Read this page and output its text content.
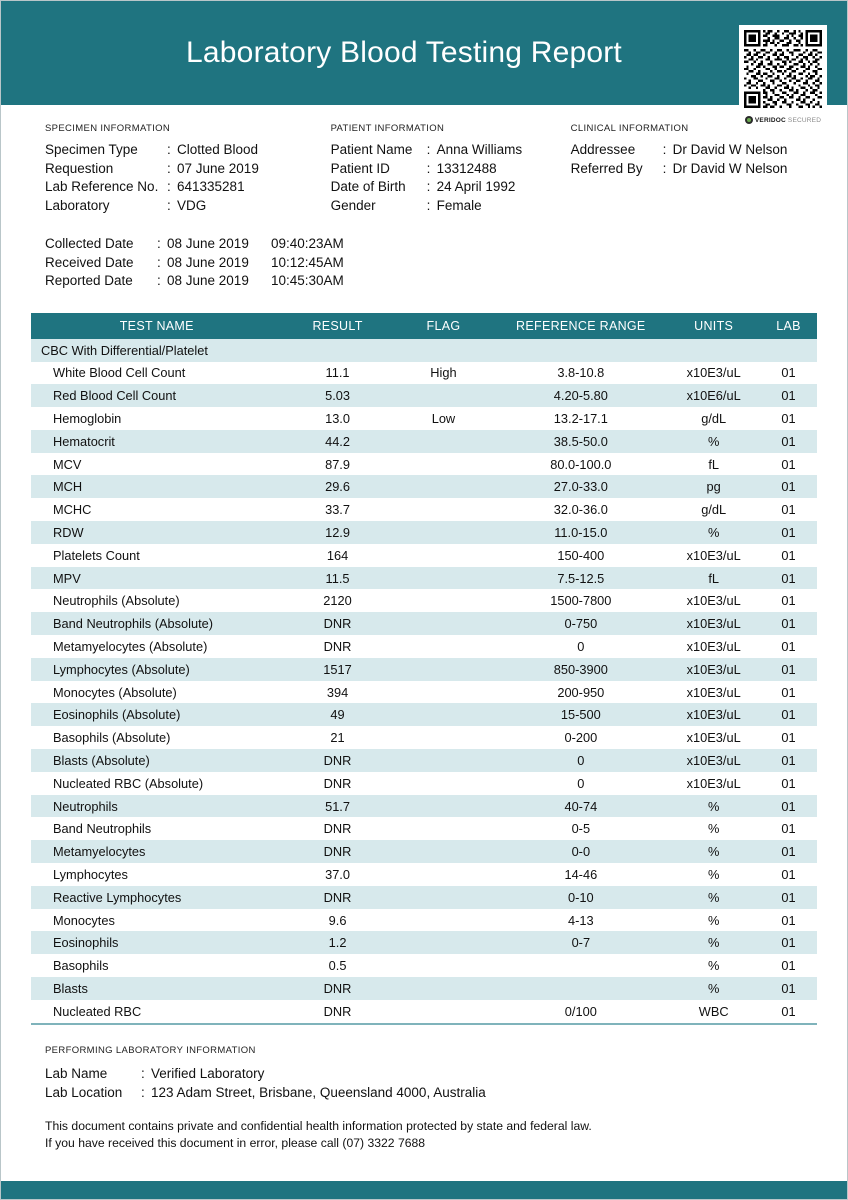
Laboratory Blood Testing Report
VERIDOC SECURED
SPECIMEN INFORMATION
Specimen Type	: Clotted Blood
Requestion	: 07 June 2019
Lab Reference No. : 641335281
Laboratory	: VDG
PATIENT INFORMATION
Patient Name	: Anna Williams
Patient ID	: 13312488
Date of Birth	: 24 April 1992
Gender	: Female
CLINICAL INFORMATION
Addressee	: Dr David W Nelson
Referred By	: Dr David W Nelson
Collected Date	: 08 June 2019 09:40:23AM
Received Date	: 08 June 2019 10:12:45AM
Reported Date	: 08 June 2019 10:45:30AM
TEST NAME	RESULT	FLAG	REFERENCE RANGE	UNITS	LAB
CBC With Differential/Platelet					
White Blood Cell Count	11.1	High	3.8-10.8	x10E3/uL	01
Red Blood Cell Count	5.03		4.20-5.80	x10E6/uL	01
Hemoglobin	13.0	Low	13.2-17.1	g/dL	01
Hematocrit	44.2		38.5-50.0	%	01
MCV	87.9		80.0-100.0	fL	01
MCH	29.6		27.0-33.0	pg	01
MCHC	33.7		32.0-36.0	g/dL	01
RDW	12.9		11.0-15.0	%	01
Platelets Count	164		150-400	x10E3/uL	01
MPV	11.5		7.5-12.5	fL	01
Neutrophils (Absolute)	2120		1500-7800	x10E3/uL	01
Band Neutrophils (Absolute)	DNR		0-750	x10E3/uL	01
Metamyelocytes (Absolute)	DNR		0	x10E3/uL	01
Lymphocytes (Absolute)	1517		850-3900	x10E3/uL	01
Monocytes (Absolute)	394		200-950	x10E3/uL	01
Eosinophils (Absolute)	49		15-500	x10E3/uL	01
Basophils (Absolute)	21		0-200	x10E3/uL	01
Blasts (Absolute)	DNR		0	x10E3/uL	01
Nucleated RBC (Absolute)	DNR		0	x10E3/uL	01
Neutrophils	51.7		40-74	%	01
Band Neutrophils	DNR		0-5	%	01
Metamyelocytes	DNR		0-0	%	01
Lymphocytes	37.0		14-46	%	01
Reactive Lymphocytes	DNR		0-10	%	01
Monocytes	9.6		4-13	%	01
Eosinophils	1.2		0-7	%	01
Basophils	0.5			%	01
Blasts	DNR			%	01
Nucleated RBC	DNR		0/100	WBC	01
PERFORMING LABORATORY INFORMATION
Lab Name	: Verified Laboratory
Lab Location	: 123 Adam Street, Brisbane, Queensland 4000, Australia
This document contains private and confidential health information protected by state and federal law.
If you have received this document in error, please call (07) 3322 7688
